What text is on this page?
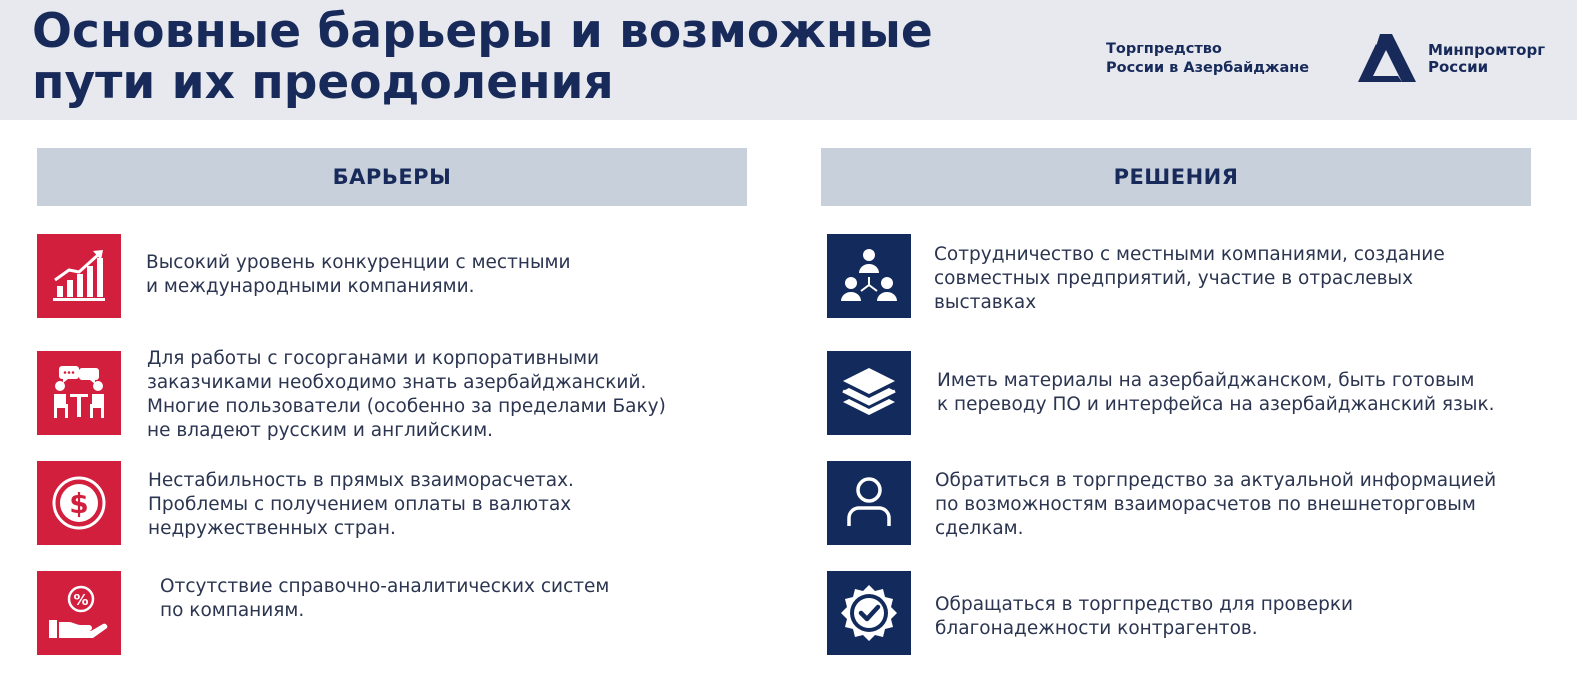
Основные барьеры и возможные
пути их преодоления
Торгпредство
России в Азербайджане
Минпромторг
России
БАРЬЕРЫ	РЕШЕНИЯ
Высокий уровень конкуренции с местными
и международными компаниями.
Для работы с госорганами и корпоративными
заказчиками необходимо знать азербайджанский.
Многие пользователи (особенно за пределами Баку)
не владеют русским и английским.
$
Нестабильность в прямых взаиморасчетах.
Проблемы с получением оплаты в валютах
недружественных стран.
%
Отсутствие справочно-аналитических систем
по компаниям.
Сотрудничество с местными компаниями, создание
совместных предприятий, участие в отраслевых
выставках
Иметь материалы на азербайджанском, быть готовым
к переводу ПО и интерфейса на азербайджанский язык.
Обратиться в торгпредство за актуальной информацией
по возможностям взаиморасчетов по внешнеторговым
сделкам.
Обращаться в торгпредство для проверки
благонадежности контрагентов.
